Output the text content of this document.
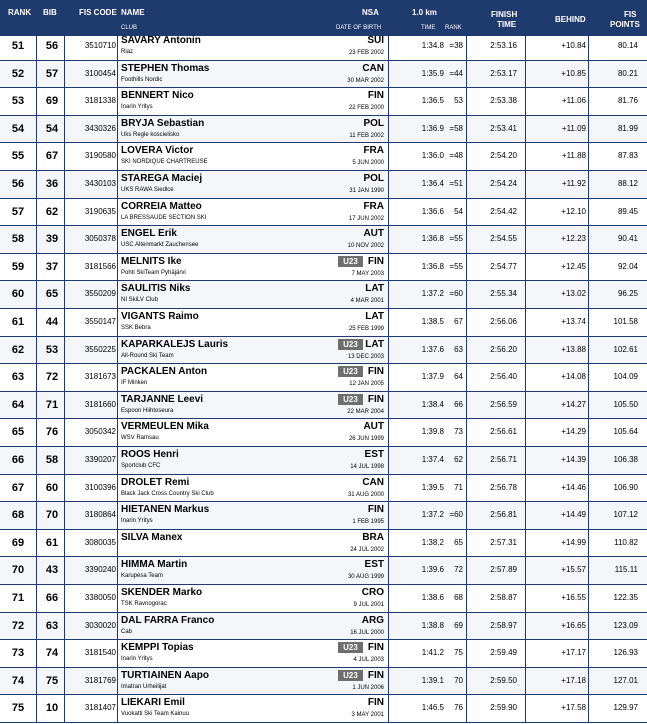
RANK BIB	FIS CODE NAME
CLUB
NSA
DATE OF BIRTH
1.0 km
TIME RANK
FINISH
TIME
BEHIND
FIS
POINTS
51	56	3510710 SAVARY Antonin
Riaz
SUI
23 FEB 2002
1:34.8 =38	2:53.16	+10.84	80.14
52	57	3100454 STEPHEN Thomas
Foothills Nordic
CAN
30 MAR 2002
1:35.9 =44	2:53.17	+10.85	80.21
53	69	3181338 BENNERT Nico
Inarin Yritys
FIN
22 FEB 2000
1:36.5	53	2:53.38	+11.06	81.76
54	54	3430326 BRYJA Sebastian
Uks Regle koscielisko
POL
11 FEB 2002
1:36.9 =58	2:53.41	+11.09	81.99
55	67	3190580 LOVERA Victor
SKI NORDIQUE CHARTREUSE
FRA
5 JUN 2000
1:36.0 =48	2:54.20	+11.88	87.83
56	36	3430103 STAREGA Maciej
UKS RAWA Siedlce
POL
31 JAN 1990
1:36.4 =51	2:54.24	+11.92	88.12
57	62	3190635 CORREIA Matteo
LA BRESSAUDE SECTION SKI
FRA
17 JUN 2002
1:36.6	54	2:54.42	+12.10	89.45
58	39	3050378 ENGEL Erik
USC Altenmarkt Zauchensee
AUT
10 NOV 2002
1:36.8 =55	2:54.55	+12.23	90.41
59	37	3181566 MELNITS Ike
Pohti SkiTeam Pyhäjärvi
FIN
7 MAY 2003
1:36.8 =55	2:54.77	+12.45	92.04
U23
60	65	3550209 SAULITIS Niks
NI SkiLV Club
LAT
4 MAR 2001
1:37.2 =60	2:55.34	+13.02	96.25
61	44	3550147 VIGANTS Raimo
SSK Bebra
LAT
25 FEB 1999
1:38.5	67	2:56.06	+13.74	101.58
62	53	3550225 KAPARKALEJS Lauris
All-Round Ski Team
LAT
13 DEC 2003
1:37.6	63	2:56.20	+13.88	102.61
U23
63	72	3181673 PACKALEN Anton
IF Minken
FIN
12 JAN 2005
1:37.9	64	2:56.40	+14.08	104.09
U23
64	71	3181660 TARJANNE Leevi
Espoon Hiihtoseura
FIN
22 MAR 2004
1:38.4	66	2:56.59	+14.27	105.50
U23
65	76	3050342 VERMEULEN Mika
WSV Ramsau
AUT
26 JUN 1999
1:39.8	73	2:56.61	+14.29	105.64
66	58	3390207 ROOS Henri
Sportclub CFC
EST
14 JUL 1998
1:37.4	62	2:56.71	+14.39	106.38
67	60	3100396 DROLET Remi
Black Jack Cross Country Ski Club
CAN
31 AUG 2000
1:39.5	71	2:56.78	+14.46	106.90
68	70	3180864 HIETANEN Markus
Inarin Yritys
FIN
1 FEB 1995
1:37.2 =60	2:56.81	+14.49	107.12
69	61	3080035 SILVA Manex	BRA
24 JUL 2002
1:38.2	65	2:57.31	+14.99	110.82
70	43	3390240 HIMMA Martin
Karupesa Team
EST
30 AUG 1999
1:39.6	72	2:57.89	+15.57	115.11
71	66	3380050 SKENDER Marko
TSK Ravnogorac
CRO
9 JUL 2001
1:38.6	68	2:58.87	+16.55	122.35
72	63	3030020 DAL FARRA Franco
Cab
ARG
16 JUL 2000
1:38.8	69	2:58.97	+16.65	123.09
73	74	3181540 KEMPPI Topias
Inarin Yritys
FIN
4 JUL 2003
1:41.2	75	2:59.49	+17.17	126.93
U23
74	75	3181769 TURTIAINEN Aapo
Imatran Urheilijat
FIN
1 JUN 2006
1:39.1	70	2:59.50	+17.18	127.01
U23
75	10	3181407 LIEKARI Emil
Vuokatti Ski Team Kainuu
FIN
3 MAY 2001
1:46.5	76	2:59.90	+17.58	129.97
